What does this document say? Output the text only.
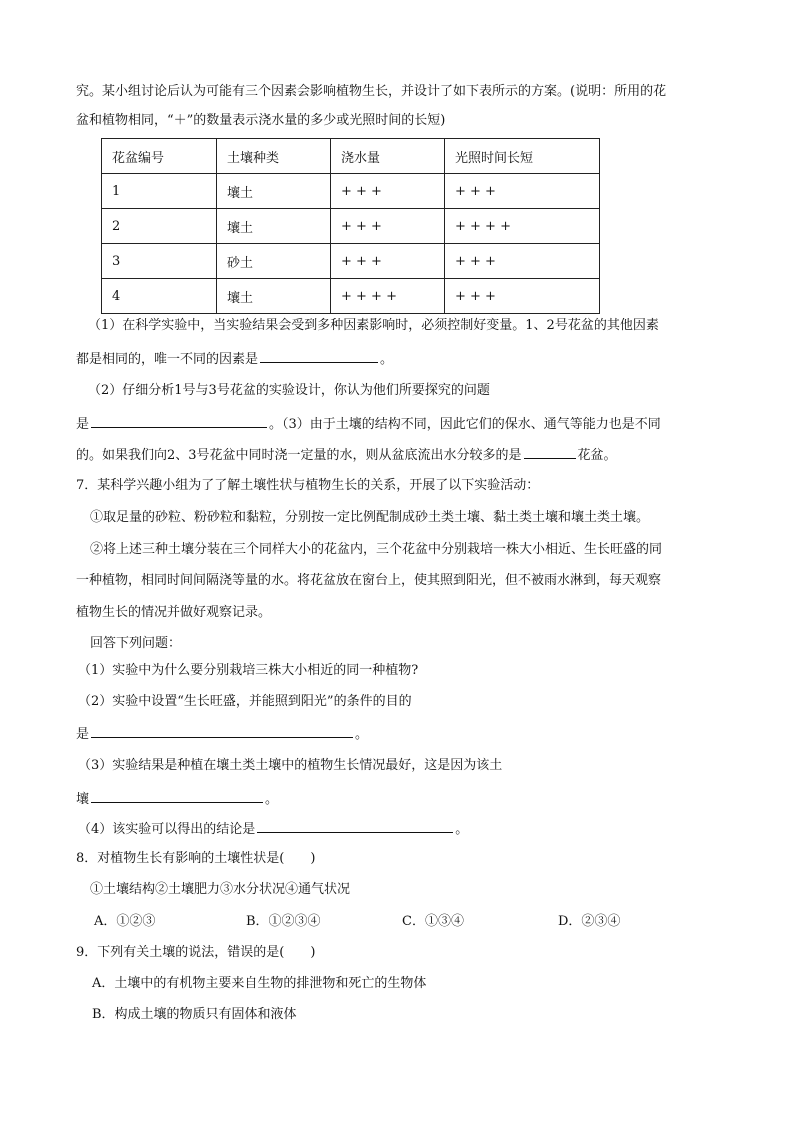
究。某小组讨论后认为可能有三个因素会影响植物生长，并设计了如下表所示的方案。(说明：所用的花
盆和植物相同，“＋”的数量表示浇水量的多少或光照时间的长短)
花盆编号	土壤种类	浇水量	光照时间长短
1	壤土	+ + +	+ + +
2	壤土	+ + +	+ + + +
3	砂土	+ + +	+ + +
4	壤土	+ + + +	+ + +
（1）在科学实验中，当实验结果会受到多种因素影响时，必须控制好变量。1、2号花盆的其他因素
都是相同的，唯一不同的因素是	。
（2）仔细分析1号与3号花盆的实验设计，你认为他们所要探究的问题
是	。（3）由于土壤的结构不同，因此它们的保水、通气等能力也是不同
的。如果我们向2、3号花盆中同时浇一定量的水，则从盆底流出水分较多的是	花盆。
7．某科学兴趣小组为了了解土壤性状与植物生长的关系，开展了以下实验活动：
①取足量的砂粒、粉砂粒和黏粒，分别按一定比例配制成砂土类土壤、黏土类土壤和壤土类土壤。
②将上述三种土壤分装在三个同样大小的花盆内，三个花盆中分别栽培一株大小相近、生长旺盛的同
一种植物，相同时间间隔浇等量的水。将花盆放在窗台上，使其照到阳光，但不被雨水淋到，每天观察
植物生长的情况并做好观察记录。
回答下列问题：
（1）实验中为什么要分别栽培三株大小相近的同一种植物?
（2）实验中设置“生长旺盛，并能照到阳光”的条件的目的
是	。
（3）实验结果是种植在壤土类土壤中的植物生长情况最好，这是因为该土
壤	。
（4）该实验可以得出的结论是	。
8．对植物生长有影响的土壤性状是(　　)
①土壤结构②土壤肥力③水分状况④通气状况
A．①②③	B．①②③④	C．①③④	D．②③④
9．下列有关土壤的说法，错误的是(　　)
A．土壤中的有机物主要来自生物的排泄物和死亡的生物体
B．构成土壤的物质只有固体和液体
